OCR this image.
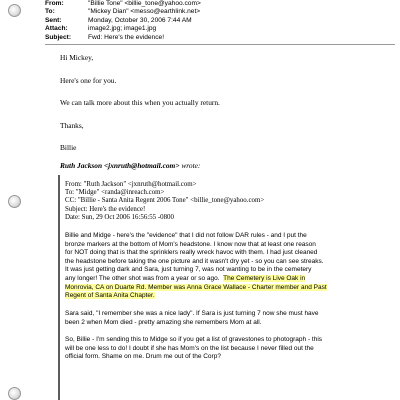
From:	"Billie Tone" <billie_tone@yahoo.com>
To:	"Mickey Dian" <messo@earthlink.net>
Sent:	Monday, October 30, 2006 7:44 AM
Attach:	image2.jpg; image1.jpg
Subject:	Fwd: Here's the evidence!
Hi Mickey,
Here's one for you.
We can talk more about this when you actually return.
Thanks,
Billie
Ruth Jackson <jxnruth@hotmail.com> wrote:
From: "Ruth Jackson" <jxnruth@hotmail.com>
To: "Midge" <randa@inreach.com>
CC: "Billie - Santa Anita Regent 2006 Tone" <billie_tone@yahoo.com>
Subject: Here's the evidence!
Date: Sun, 29 Oct 2006 16:56:55 -0800
Billie and Midge - here's the "evidence" that I did not follow DAR rules - and I put the
bronze markers at the bottom of Mom's headstone. I know now that at least one reason
for NOT doing that is that the sprinklers really wreck havoc with them. I had just cleaned
the headstone before taking the one picture and it wasn't dry yet - so you can see streaks.
It was just getting dark and Sara, just turning 7, was not wanting to be in the cemetery
any longer! The other shot was from a year or so ago. The Cemetery is Live Oak in
Monrovia, CA on Duarte Rd. Member was Anna Grace Wallace - Charter member and Past
Regent of Santa Anita Chapter.
Sara said, "I remember she was a nice lady". If Sara is just turning 7 now she must have
been 2 when Mom died - pretty amazing she remembers Mom at all.
So, Billie - I'm sending this to Midge so if you get a list of gravestones to photograph - this
will be one less to do! I doubt if she has Mom's on the list because I never filled out the
official form. Shame on me. Drum me out of the Corp?
